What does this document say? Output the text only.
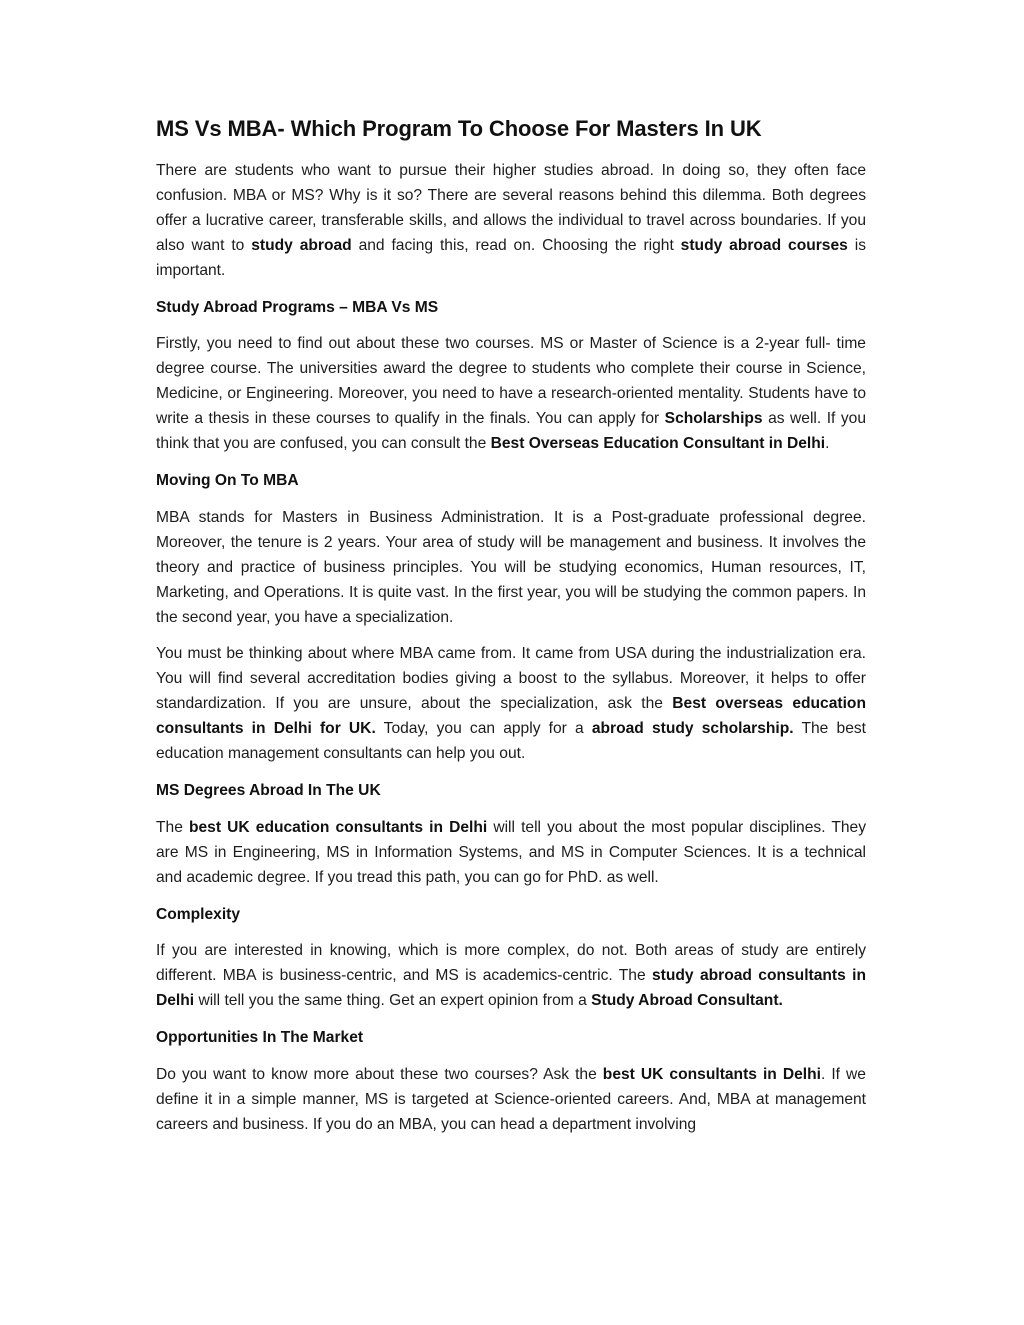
MS Vs MBA- Which Program To Choose For Masters In UK

There are students who want to pursue their higher studies abroad. In doing so, they often face confusion. MBA or MS? Why is it so? There are several reasons behind this dilemma. Both degrees offer a lucrative career, transferable skills, and allows the individual to travel across boundaries. If you also want to study abroad and facing this, read on. Choosing the right study abroad courses is important.

Study Abroad Programs – MBA Vs MS

Firstly, you need to find out about these two courses. MS or Master of Science is a 2-year full- time degree course. The universities award the degree to students who complete their course in Science, Medicine, or Engineering. Moreover, you need to have a research-oriented mentality. Students have to write a thesis in these courses to qualify in the finals. You can apply for Scholarships as well. If you think that you are confused, you can consult the Best Overseas Education Consultant in Delhi.

Moving On To MBA

MBA stands for Masters in Business Administration. It is a Post-graduate professional degree. Moreover, the tenure is 2 years. Your area of study will be management and business. It involves the theory and practice of business principles. You will be studying economics, Human resources, IT, Marketing, and Operations. It is quite vast. In the first year, you will be studying the common papers. In the second year, you have a specialization.

You must be thinking about where MBA came from. It came from USA during the industrialization era. You will find several accreditation bodies giving a boost to the syllabus. Moreover, it helps to offer standardization. If you are unsure, about the specialization, ask the Best overseas education consultants in Delhi for UK. Today, you can apply for a abroad study scholarship. The best education management consultants can help you out.

MS Degrees Abroad In The UK

The best UK education consultants in Delhi will tell you about the most popular disciplines. They are MS in Engineering, MS in Information Systems, and MS in Computer Sciences. It is a technical and academic degree. If you tread this path, you can go for PhD. as well.

Complexity

If you are interested in knowing, which is more complex, do not. Both areas of study are entirely different. MBA is business-centric, and MS is academics-centric. The study abroad consultants in Delhi will tell you the same thing. Get an expert opinion from a Study Abroad Consultant.

Opportunities In The Market

Do you want to know more about these two courses? Ask the best UK consultants in Delhi. If we define it in a simple manner, MS is targeted at Science-oriented careers. And, MBA at management careers and business. If you do an MBA, you can head a department involving
